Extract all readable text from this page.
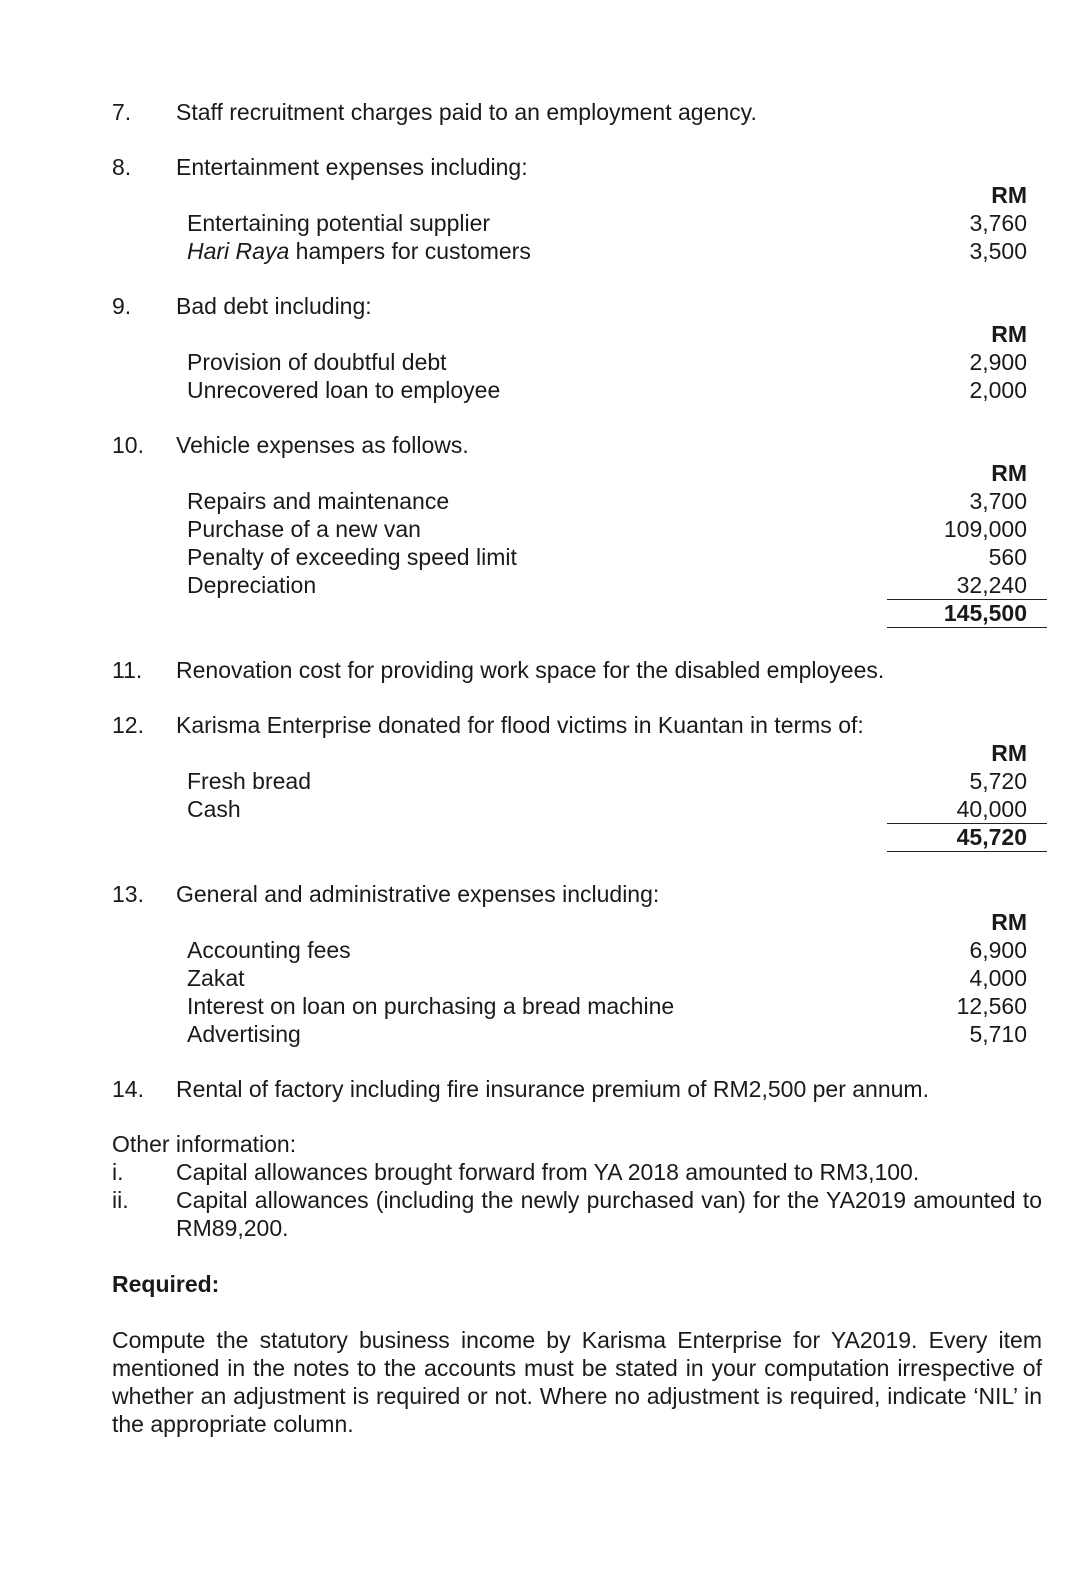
7. Staff recruitment charges paid to an employment agency.
8. Entertainment expenses including:
RM
Entertaining potential supplier	3,760
Hari Raya hampers for customers	3,500
9. Bad debt including:
RM
Provision of doubtful debt	2,900
Unrecovered loan to employee	2,000
10. Vehicle expenses as follows.
RM
Repairs and maintenance	3,700
Purchase of a new van	109,000
Penalty of exceeding speed limit	560
Depreciation	32,240
145,500
11. Renovation cost for providing work space for the disabled employees.
12. Karisma Enterprise donated for flood victims in Kuantan in terms of:
RM
Fresh bread	5,720
Cash	40,000
45,720
13. General and administrative expenses including:
RM
Accounting fees	6,900
Zakat	4,000
Interest on loan on purchasing a bread machine	12,560
Advertising	5,710
14. Rental of factory including fire insurance premium of RM2,500 per annum.
Other information:
i. Capital allowances brought forward from YA 2018 amounted to RM3,100.
ii. Capital allowances (including the newly purchased van) for the YA2019 amounted to RM89,200.
Required:
Compute the statutory business income by Karisma Enterprise for YA2019. Every item mentioned in the notes to the accounts must be stated in your computation irrespective of whether an adjustment is required or not. Where no adjustment is required, indicate ‘NIL’ in the appropriate column.
